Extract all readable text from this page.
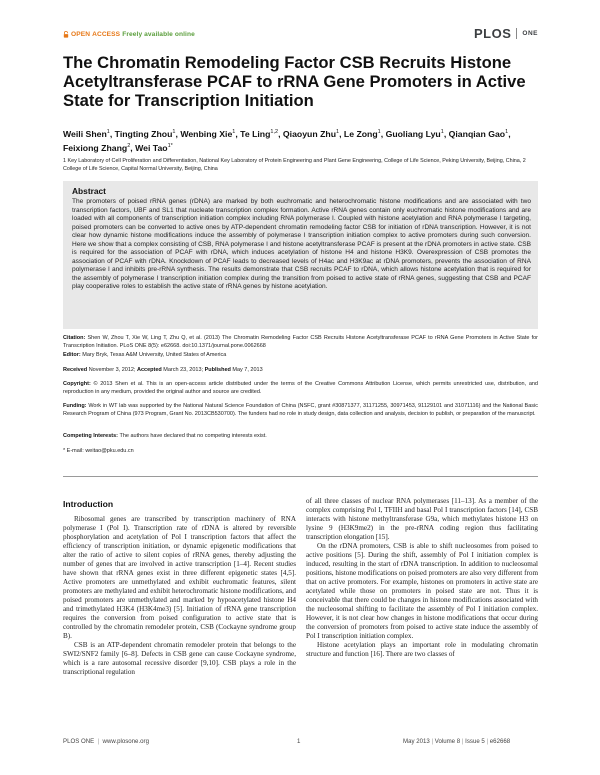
OPEN ACCESS Freely available online	PLOS ONE
The Chromatin Remodeling Factor CSB Recruits Histone Acetyltransferase PCAF to rRNA Gene Promoters in Active State for Transcription Initiation
Weili Shen$^1$, Tingting Zhou$^1$, Wenbing Xie$^1$, Te Ling$^{1,2}$, Qiaoyun Zhu$^1$, Le Zong$^1$, Guoliang Lyu$^1$, Qianqian Gao$^1$, Feixiong Zhang$^2$, Wei Tao$^{1*}$
1 Key Laboratory of Cell Proliferation and Differentiation, National Key Laboratory of Protein Engineering and Plant Gene Engineering, College of Life Science, Peking University, Beijing, China, 2 College of Life Science, Capital Normal University, Beijing, China
Abstract
The promoters of poised rRNA genes (rDNA) are marked by both euchromatic and heterochromatic histone modifications and are associated with two transcription factors, UBF and SL1 that nucleate transcription complex formation. Active rRNA genes contain only euchromatic histone modifications and are loaded with all components of transcription initiation complex including RNA polymerase I. Coupled with histone acetylation and RNA polymerase I targeting, poised promoters can be converted to active ones by ATP-dependent chromatin remodeling factor CSB for initiation of rDNA transcription. However, it is not clear how dynamic histone modifications induce the assembly of polymerase I transcription initiation complex to active promoters during such conversion. Here we show that a complex consisting of CSB, RNA polymerase I and histone acetyltransferase PCAF is present at the rDNA promoters in active state. CSB is required for the association of PCAF with rDNA, which induces acetylation of histone H4 and histone H3K9. Overexpression of CSB promotes the association of PCAF with rDNA. Knockdown of PCAF leads to decreased levels of H4ac and H3K9ac at rDNA promoters, prevents the association of RNA polymerase I and inhibits pre-rRNA synthesis. The results demonstrate that CSB recruits PCAF to rDNA, which allows histone acetylation that is required for the assembly of polymerase I transcription initiation complex during the transition from poised to active state of rRNA genes, suggesting that CSB and PCAF play cooperative roles to establish the active state of rRNA genes by histone acetylation.
Citation: Shen W, Zhou T, Xie W, Ling T, Zhu Q, et al. (2013) The Chromatin Remodeling Factor CSB Recruits Histone Acetyltransferase PCAF to rRNA Gene Promoters in Active State for Transcription Initiation. PLoS ONE 8(5): e62668. doi:10.1371/journal.pone.0062668
Editor: Mary Bryk, Texas A&M University, United States of America
Received November 3, 2012; Accepted March 23, 2013; Published May 7, 2013
Copyright: © 2013 Shen et al. This is an open-access article distributed under the terms of the Creative Commons Attribution License, which permits unrestricted use, distribution, and reproduction in any medium, provided the original author and source are credited.
Funding: Work in WT lab was supported by the National Natural Science Foundation of China (NSFC, grant #30871377, 31171255, 30971453, 91129101 and 31071116) and the National Basic Research Program of China (973 Program, Grant No. 2013CB530700). The funders had no role in study design, data collection and analysis, decision to publish, or preparation of the manuscript.
Competing Interests: The authors have declared that no competing interests exist.
* E-mail: weitao@pku.edu.cn
Introduction

Ribosomal genes are transcribed by transcription machinery of RNA polymerase I (Pol I). Transcription rate of rDNA is altered by reversible phosphorylation and acetylation of Pol I transcription factors that affect the efficiency of transcription initiation, or dynamic epigenetic modifications that alter the ratio of active to silent copies of rRNA genes, thereby adjusting the number of genes that are involved in active transcription [1–4]. Recent studies have shown that rRNA genes exist in three different epigenetic states [4,5]. Active promoters are unmethylated and exhibit euchromatic features, silent promoters are methylated and exhibit heterochromatic histone modifications, and poised promoters are unmethylated and marked by hypoacetylated histone H4 and trimethylated H3K4 (H3K4me3) [5]. Initiation of rRNA gene transcription requires the conversion from poised configuration to active state that is controlled by the chromatin remodeler protein, CSB (Cockayne syndrome group B).

CSB is an ATP-dependent chromatin remodeler protein that belongs to the SWI2/SNF2 family [6–8]. Defects in CSB gene can cause Cockayne syndrome, which is a rare autosomal recessive disorder [9,10]. CSB plays a role in the transcriptional regulation

of all three classes of nuclear RNA polymerases [11–13]. As a member of the complex comprising Pol I, TFIIH and basal Pol I transcription factors [14], CSB interacts with histone methyltransferase G9a, which methylates histone H3 on lysine 9 (H3K9me2) in the pre-rRNA coding region thus facilitating transcription elongation [15].

On the rDNA promoters, CSB is able to shift nucleosomes from poised to active positions [5]. During the shift, assembly of Pol I initiation complex is induced, resulting in the start of rDNA transcription. In addition to nucleosomal positions, histone modifications on poised promoters are also very different from that on active promoters. For example, histones on promoters in active state are acetylated while those on promoters in poised state are not. Thus it is conceivable that there could be changes in histone modifications associated with the nucleosomal shifting to facilitate the assembly of Pol I initiation complex. However, it is not clear how changes in histone modifications that occur during the conversion of promoters from poised to active state induce the assembly of Pol I transcription initiation complex.

Histone acetylation plays an important role in modulating chromatin structure and function [16]. There are two classes of

PLOS ONE  |  www.plosone.org	1	May 2013 | Volume 8 | Issue 5 | e62668
